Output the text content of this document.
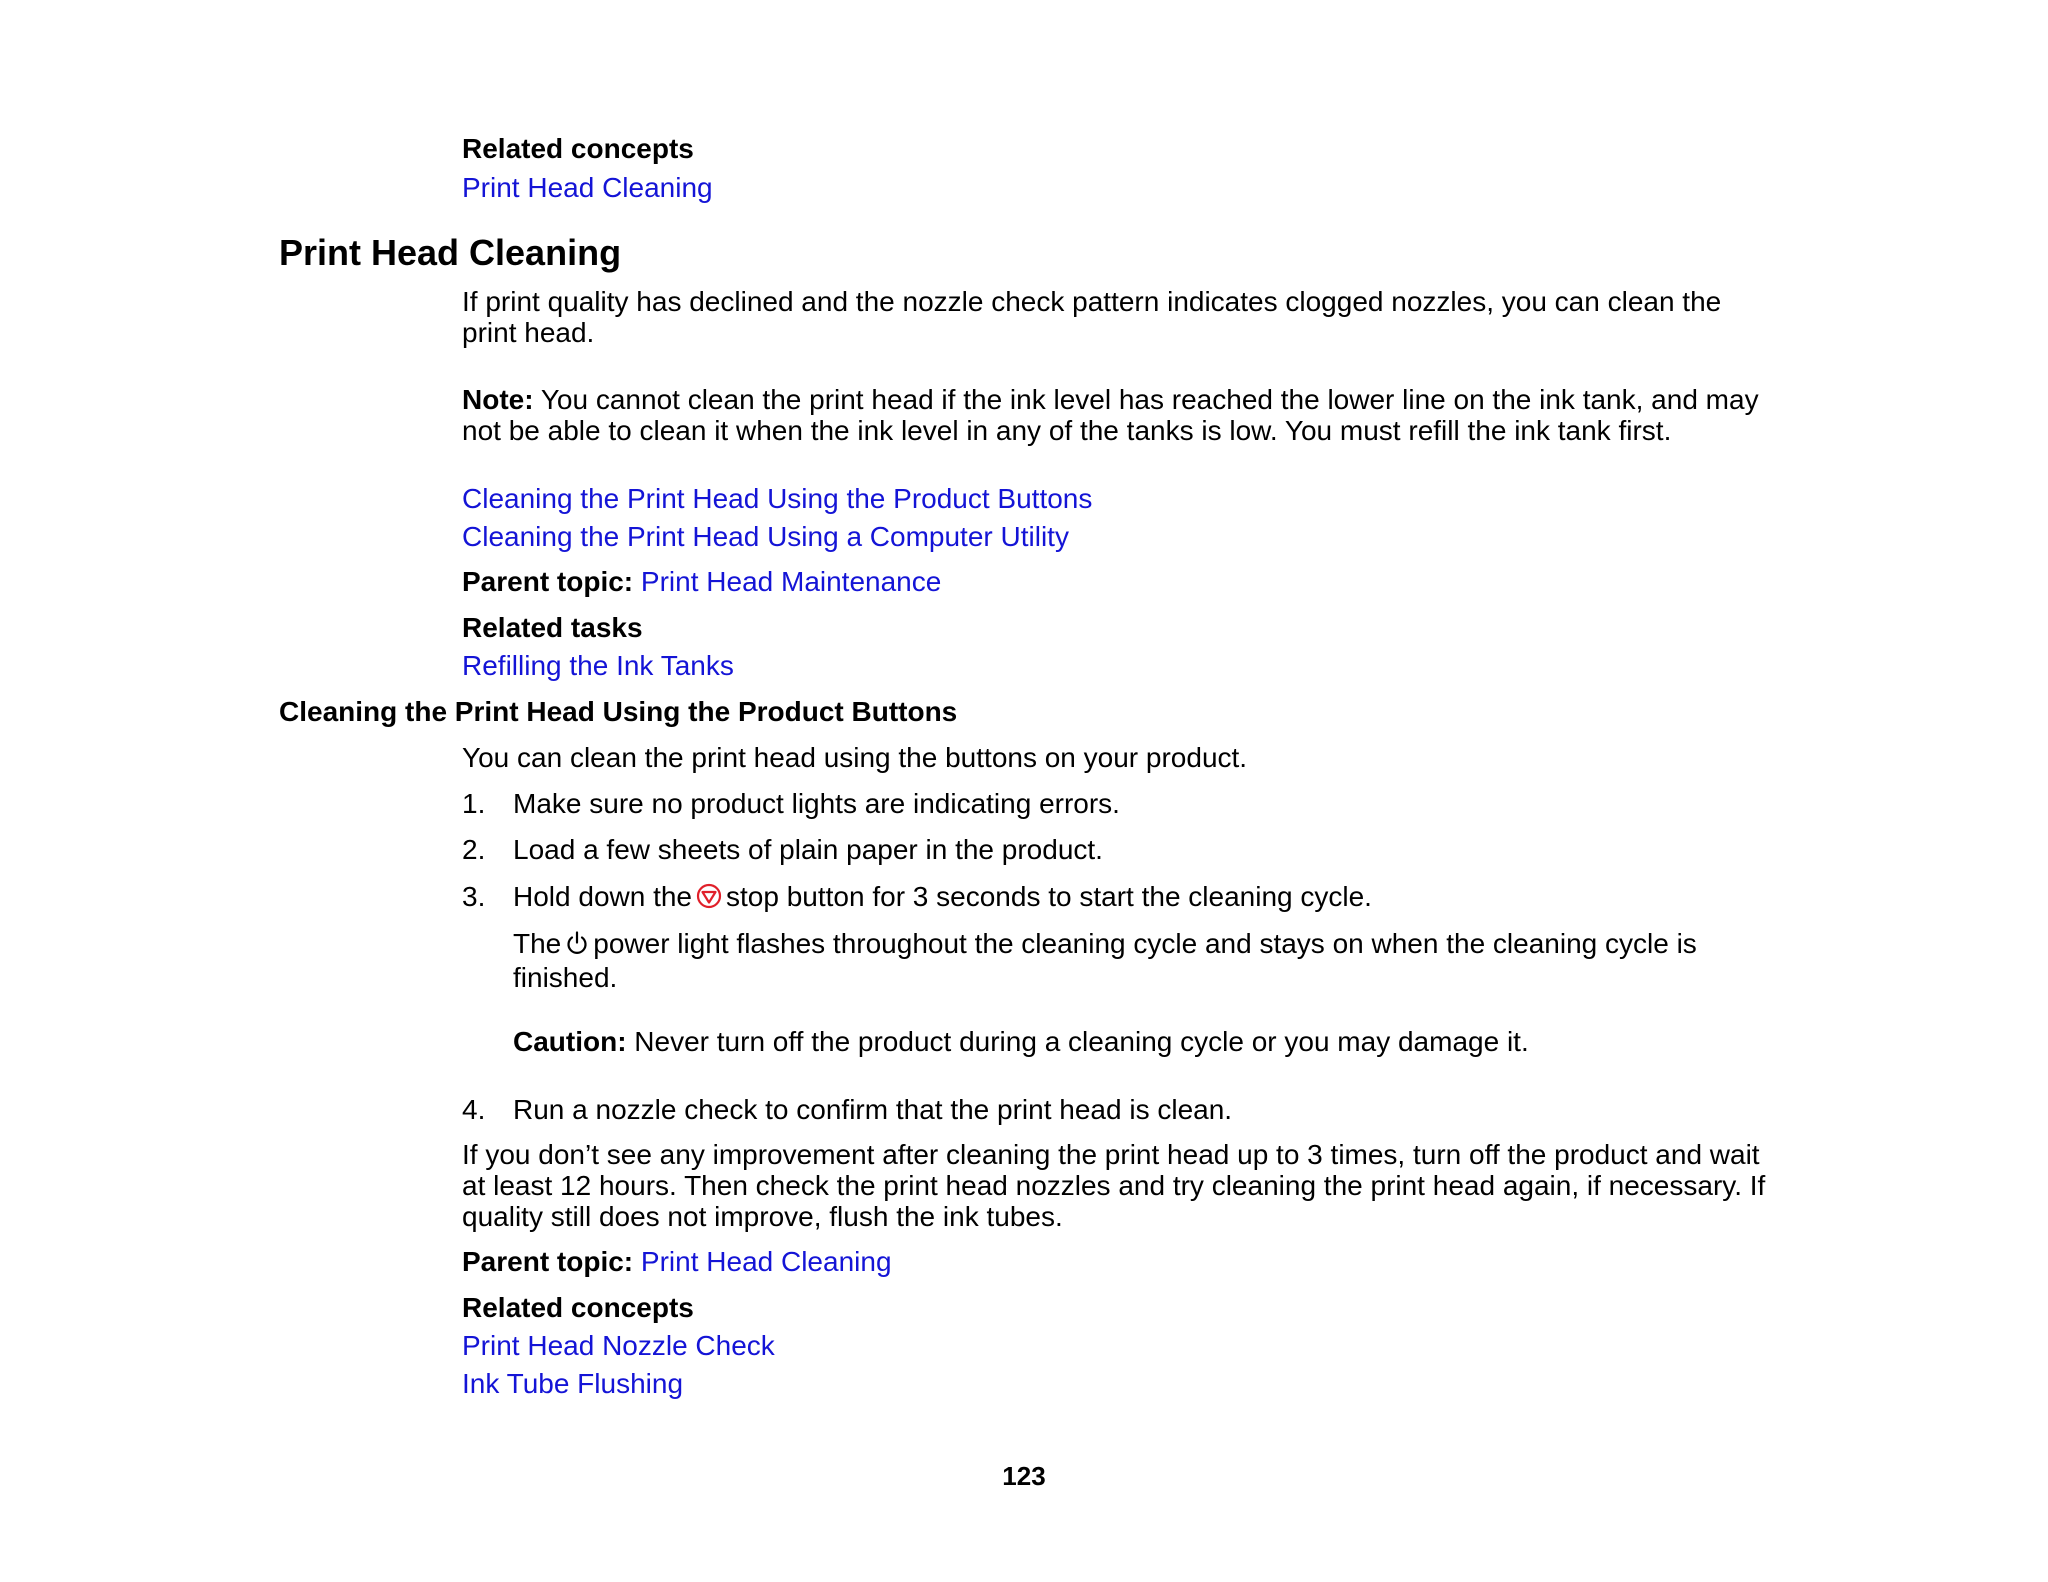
Related concepts
Print Head Cleaning
Print Head Cleaning
If print quality has declined and the nozzle check pattern indicates clogged nozzles, you can clean the print head.
Note: You cannot clean the print head if the ink level has reached the lower line on the ink tank, and may not be able to clean it when the ink level in any of the tanks is low. You must refill the ink tank first.
Cleaning the Print Head Using the Product Buttons
Cleaning the Print Head Using a Computer Utility
Parent topic: Print Head Maintenance
Related tasks
Refilling the Ink Tanks
Cleaning the Print Head Using the Product Buttons
You can clean the print head using the buttons on your product.
1. Make sure no product lights are indicating errors.
2. Load a few sheets of plain paper in the product.
3. Hold down the stop button for 3 seconds to start the cleaning cycle.
The power light flashes throughout the cleaning cycle and stays on when the cleaning cycle is finished.
Caution: Never turn off the product during a cleaning cycle or you may damage it.
4. Run a nozzle check to confirm that the print head is clean.
If you don’t see any improvement after cleaning the print head up to 3 times, turn off the product and wait at least 12 hours. Then check the print head nozzles and try cleaning the print head again, if necessary. If quality still does not improve, flush the ink tubes.
Parent topic: Print Head Cleaning
Related concepts
Print Head Nozzle Check
Ink Tube Flushing
123
